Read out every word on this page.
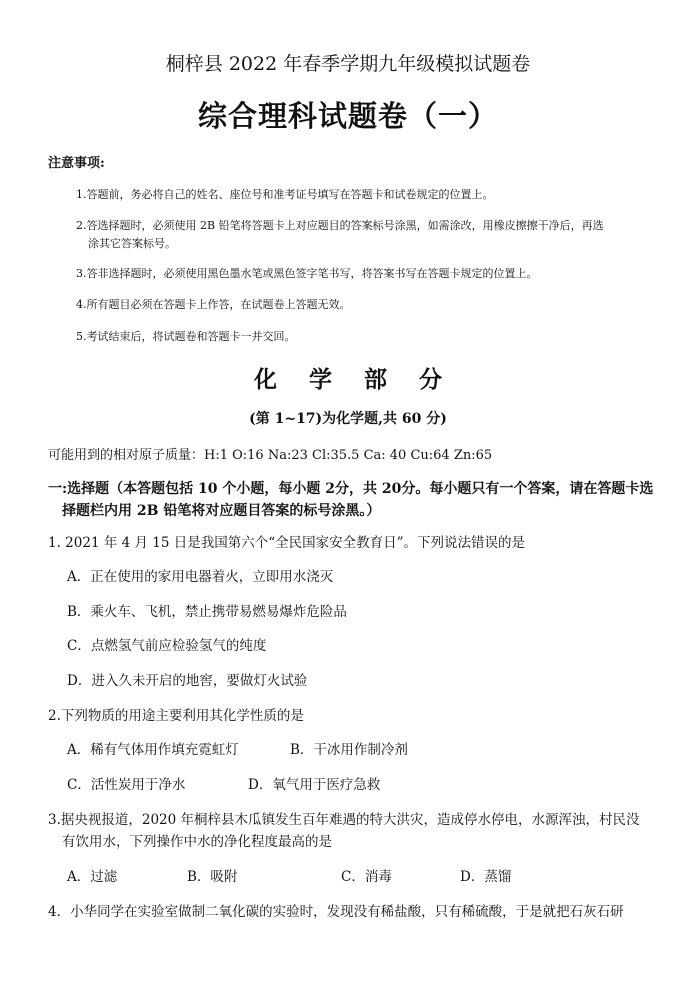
桐梓县 2022 年春季学期九年级模拟试题卷
综合理科试题卷（一）
注意事项:
1.答题前，务必将自己的姓名、座位号和准考证号填写在答题卡和试卷规定的位置上。
2.答选择题时，必须使用 2B 铅笔将答题卡上对应题目的答案标号涂黑，如需涂改，用橡皮擦擦干净后，再选
涂其它答案标号。
3.答非选择题时，必须使用黑色墨水笔或黑色签字笔书写，将答案书写在答题卡规定的位置上。
4.所有题目必须在答题卡上作答，在试题卷上答题无效。
5.考试结束后，将试题卷和答题卡一并交回。
化 学 部 分
(第 1~17)为化学题,共 60 分)
可能用到的相对原子质量：H:1 O:16 Na:23 Cl:35.5 Ca: 40 Cu:64 Zn:65
一:选择题（本答题包括 10 个小题，每小题 2分，共 20分。每小题只有一个答案，请在答题卡选
择题栏内用 2B 铅笔将对应题目答案的标号涂黑。）
1. 2021 年 4 月 15 日是我国第六个“全民国家安全教育日”。下列说法错误的是
A．正在使用的家用电器着火，立即用水浇灭
B．乘火车、飞机，禁止携带易燃易爆炸危险品
C．点燃氢气前应检验氢气的纯度
D．进入久未开启的地窖，要做灯火试验
2.下列物质的用途主要利用其化学性质的是
A．稀有气体用作填充霓虹灯	B．干冰用作制冷剂
C．活性炭用于净水	D．氧气用于医疗急救
3.据央视报道，2020 年桐梓县木瓜镇发生百年难遇的特大洪灾，造成停水停电，水源浑浊，村民没
有饮用水，下列操作中水的净化程度最高的是
A．过滤	B．吸附	C．消毒	D．蒸馏
4．小华同学在实验室做制二氧化碳的实验时，发现没有稀盐酸，只有稀硫酸，于是就把石灰石研
